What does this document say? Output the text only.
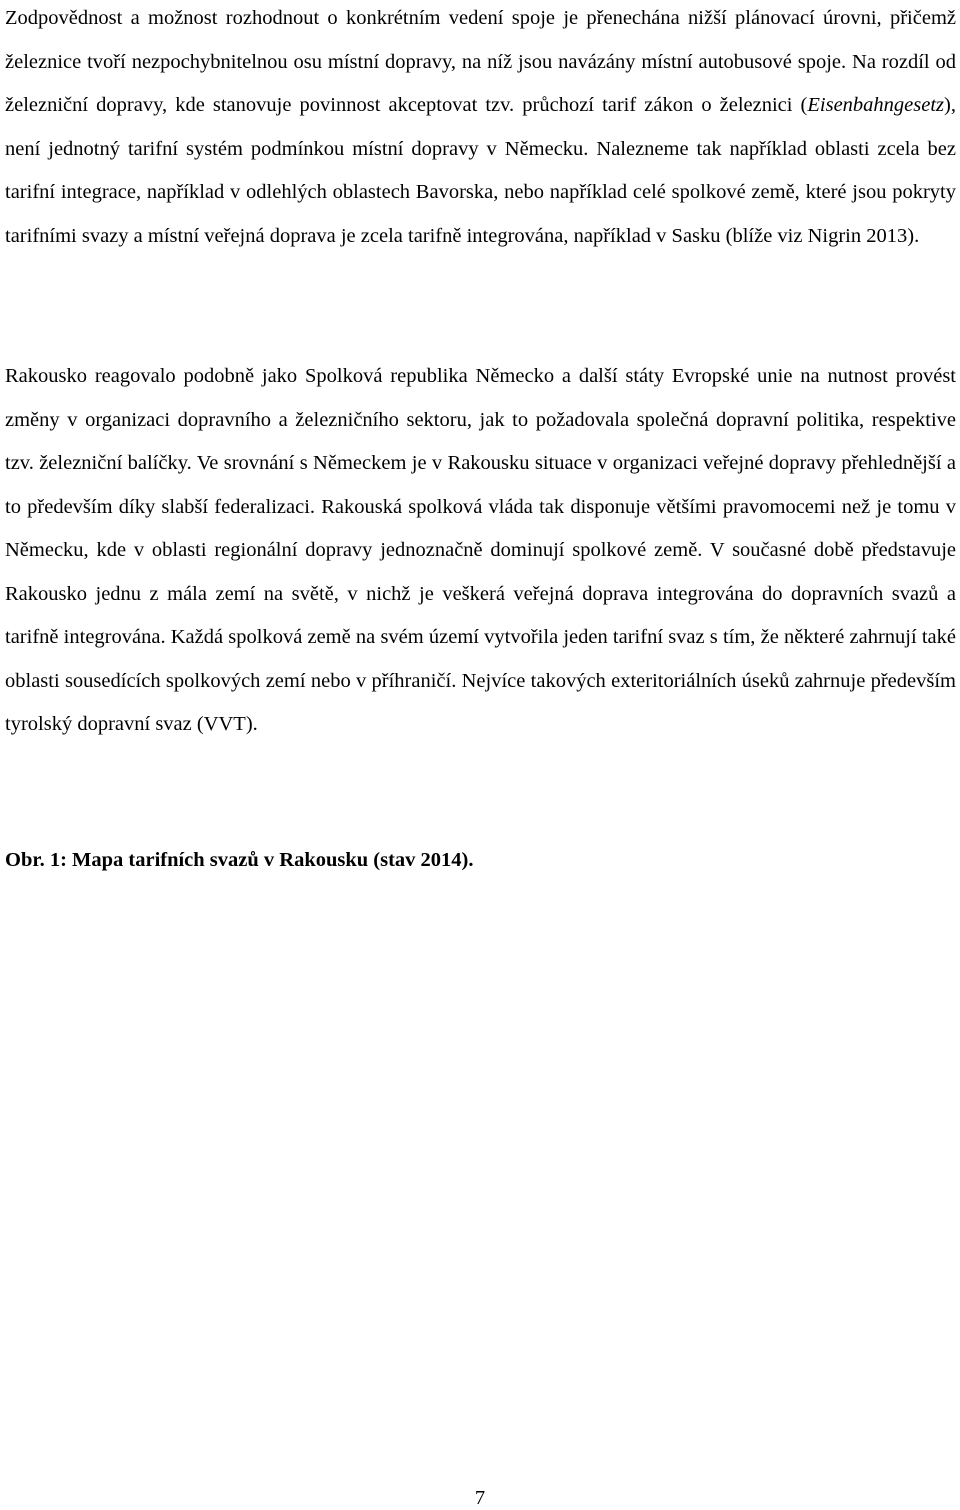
Zodpovědnost a možnost rozhodnout o konkrétním vedení spoje je přenechána nižší plánovací úrovni, přičemž železnice tvoří nezpochybnitelnou osu místní dopravy, na níž jsou navázány místní autobusové spoje. Na rozdíl od železniční dopravy, kde stanovuje povinnost akceptovat tzv. průchozí tarif zákon o železnici (Eisenbahngesetz), není jednotný tarifní systém podmínkou místní dopravy v Německu. Nalezneme tak například oblasti zcela bez tarifní integrace, například v odlehlých oblastech Bavorska, nebo například celé spolkové země, které jsou pokryty tarifními svazy a místní veřejná doprava je zcela tarifně integrována, například v Sasku (blíže viz Nigrin 2013).

Rakousko reagovalo podobně jako Spolková republika Německo a další státy Evropské unie na nutnost provést změny v organizaci dopravního a železničního sektoru, jak to požadovala společná dopravní politika, respektive tzv. železniční balíčky. Ve srovnání s Německem je v Rakousku situace v organizaci veřejné dopravy přehlednější a to především díky slabší federalizaci. Rakouská spolková vláda tak disponuje většími pravomocemi než je tomu v Německu, kde v oblasti regionální dopravy jednoznačně dominují spolkové země. V současné době představuje Rakousko jednu z mála zemí na světě, v nichž je veškerá veřejná doprava integrována do dopravních svazů a tarifně integrována. Každá spolková země na svém území vytvořila jeden tarifní svaz s tím, že některé zahrnují také oblasti sousedících spolkových zemí nebo v příhraničí. Nejvíce takových exteritoriálních úseků zahrnuje především tyrolský dopravní svaz (VVT).

Obr. 1: Mapa tarifních svazů v Rakousku (stav 2014).

7
